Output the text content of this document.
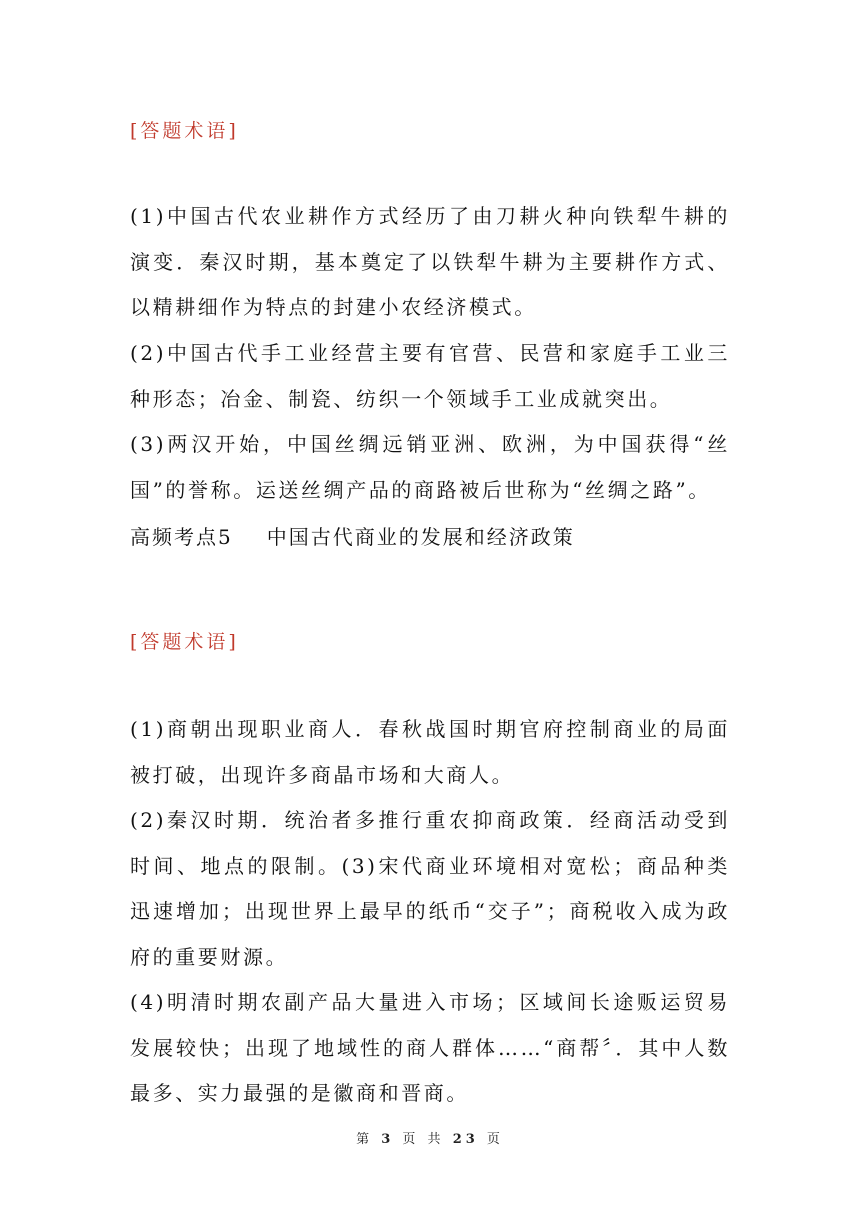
[答题术语]

(1)中国古代农业耕作方式经历了由刀耕火种向铁犁牛耕的演变．秦汉时期，基本奠定了以铁犁牛耕为主要耕作方式、以精耕细作为特点的封建小农经济模式。

(2)中国古代手工业经营主要有官营、民营和家庭手工业三种形态；冶金、制瓷、纺织一个领域手工业成就突出。

(3)两汉开始，中国丝绸远销亚洲、欧洲，为中国获得“丝国”的誉称。运送丝绸产品的商路被后世称为“丝绸之路”。

高频考点5 中国古代商业的发展和经济政策
[答题术语]

(1)商朝出现职业商人．春秋战国时期官府控制商业的局面被打破，出现许多商晶市场和大商人。

(2)秦汉时期．统治者多推行重农抑商政策．经商活动受到时间、地点的限制。(3)宋代商业环境相对宽松；商品种类迅速增加；出现世界上最早的纸币“交子”；商税收入成为政府的重要财源。

(4)明清时期农副产品大量进入市场；区域间长途贩运贸易发展较快；出现了地域性的商人群体……“商帮〞．其中人数最多、实力最强的是徽商和晋商。

第 3 页 共 23 页
